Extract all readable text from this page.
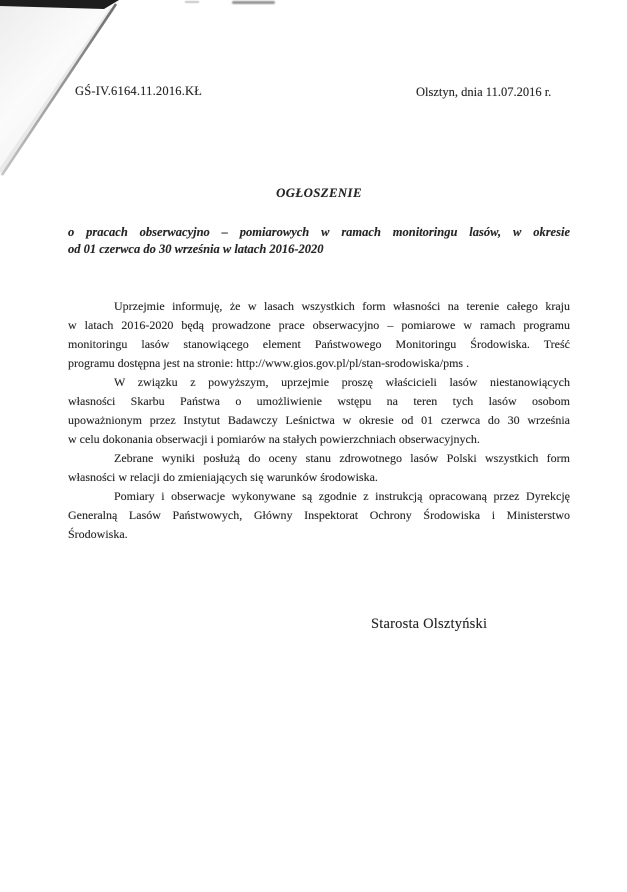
GŚ-IV.6164.11.2016.KŁ	Olsztyn, dnia 11.07.2016 r.
OGŁOSZENIE
o pracach obserwacyjno – pomiarowych w ramach monitoringu lasów, w okresie
od 01 czerwca do 30 września w latach 2016-2020
Uprzejmie informuję, że w lasach wszystkich form własności na terenie całego kraju
w latach 2016-2020 będą prowadzone prace obserwacyjno – pomiarowe w ramach programu
monitoringu lasów stanowiącego element Państwowego Monitoringu Środowiska. Treść
programu dostępna jest na stronie: http://www.gios.gov.pl/pl/stan-srodowiska/pms .
W związku z powyższym, uprzejmie proszę właścicieli lasów niestanowiących
własności Skarbu Państwa o umożliwienie wstępu na teren tych lasów osobom
upoważnionym przez Instytut Badawczy Leśnictwa w okresie od 01 czerwca do 30 września
w celu dokonania obserwacji i pomiarów na stałych powierzchniach obserwacyjnych.
Zebrane wyniki posłużą do oceny stanu zdrowotnego lasów Polski wszystkich form
własności w relacji do zmieniających się warunków środowiska.
Pomiary i obserwacje wykonywane są zgodnie z instrukcją opracowaną przez Dyrekcję
Generalną Lasów Państwowych, Główny Inspektorat Ochrony Środowiska i Ministerstwo
Środowiska.
Starosta Olsztyński
